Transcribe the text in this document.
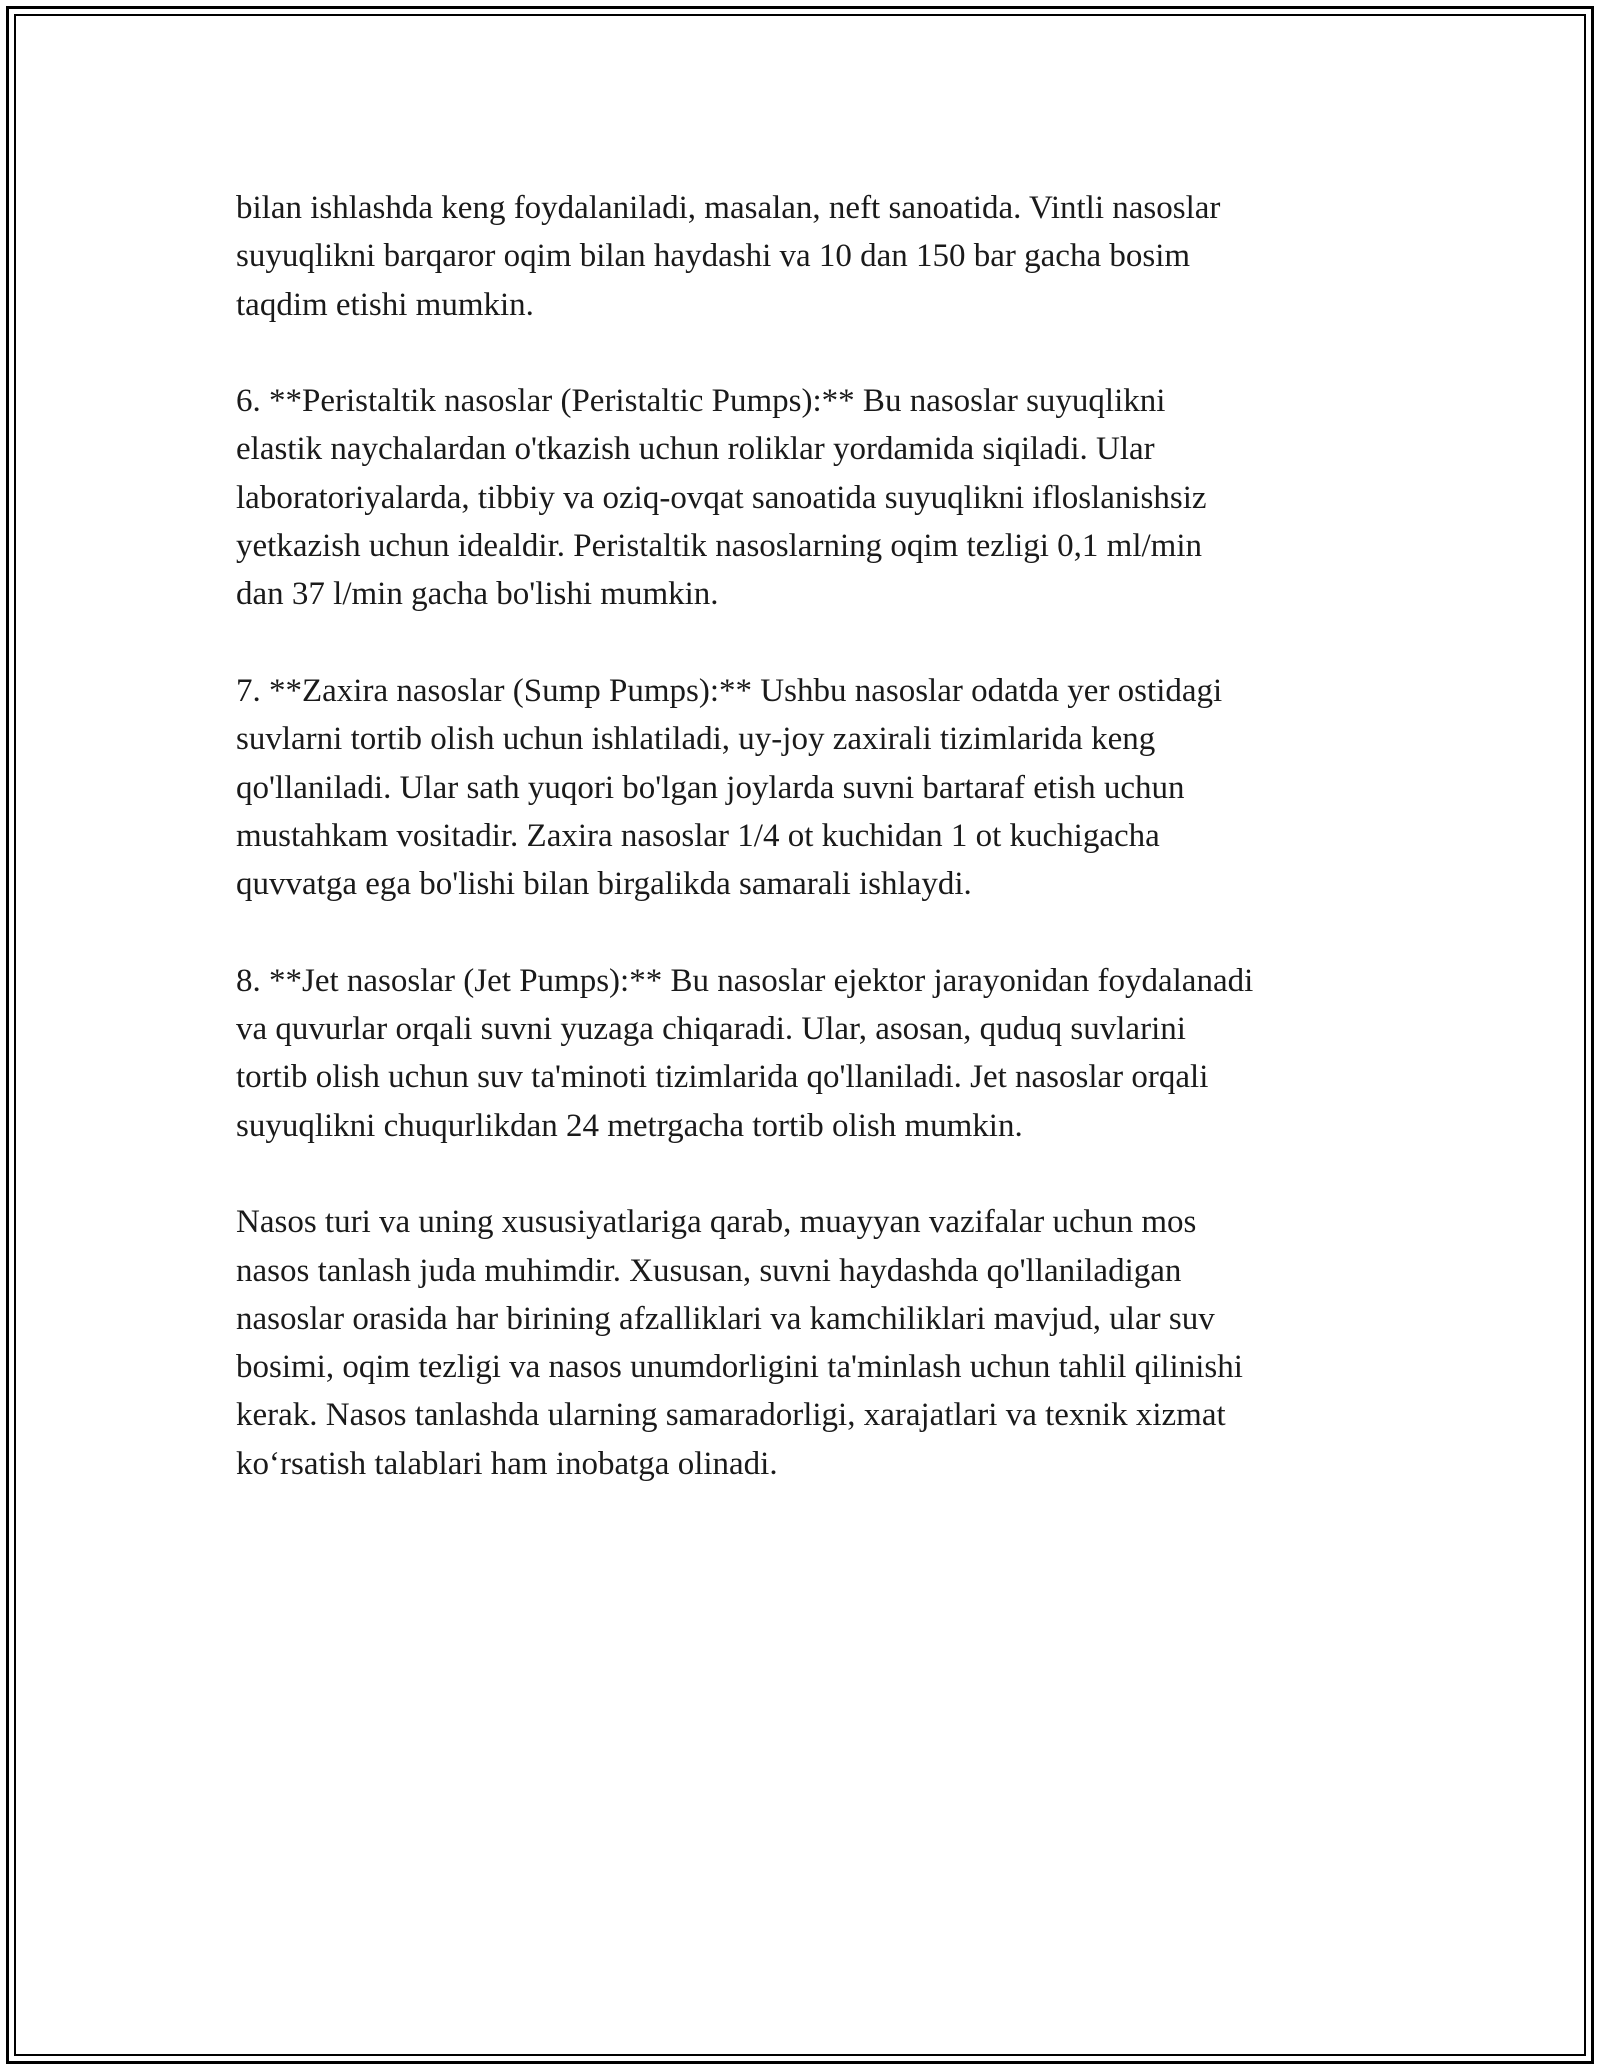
bilan ishlashda keng foydalaniladi, masalan, neft sanoatida. Vintli nasoslar
suyuqlikni barqaror oqim bilan haydashi va 10 dan 150 bar gacha bosim
taqdim etishi mumkin.

6. **Peristaltik nasoslar (Peristaltic Pumps):** Bu nasoslar suyuqlikni
elastik naychalardan o'tkazish uchun roliklar yordamida siqiladi. Ular
laboratoriyalarda, tibbiy va oziq-ovqat sanoatida suyuqlikni ifloslanishsiz
yetkazish uchun idealdir. Peristaltik nasoslarning oqim tezligi 0,1 ml/min
dan 37 l/min gacha bo'lishi mumkin.

7. **Zaxira nasoslar (Sump Pumps):** Ushbu nasoslar odatda yer ostidagi
suvlarni tortib olish uchun ishlatiladi, uy-joy zaxirali tizimlarida keng
qo'llaniladi. Ular sath yuqori bo'lgan joylarda suvni bartaraf etish uchun
mustahkam vositadir. Zaxira nasoslar 1/4 ot kuchidan 1 ot kuchigacha
quvvatga ega bo'lishi bilan birgalikda samarali ishlaydi.

8. **Jet nasoslar (Jet Pumps):** Bu nasoslar ejektor jarayonidan foydalanadi
va quvurlar orqali suvni yuzaga chiqaradi. Ular, asosan, quduq suvlarini
tortib olish uchun suv ta'minoti tizimlarida qo'llaniladi. Jet nasoslar orqali
suyuqlikni chuqurlikdan 24 metrgacha tortib olish mumkin.

Nasos turi va uning xususiyatlariga qarab, muayyan vazifalar uchun mos
nasos tanlash juda muhimdir. Xususan, suvni haydashda qo'llaniladigan
nasoslar orasida har birining afzalliklari va kamchiliklari mavjud, ular suv
bosimi, oqim tezligi va nasos unumdorligini ta'minlash uchun tahlil qilinishi
kerak. Nasos tanlashda ularning samaradorligi, xarajatlari va texnik xizmat
ko‘rsatish talablari ham inobatga olinadi.
